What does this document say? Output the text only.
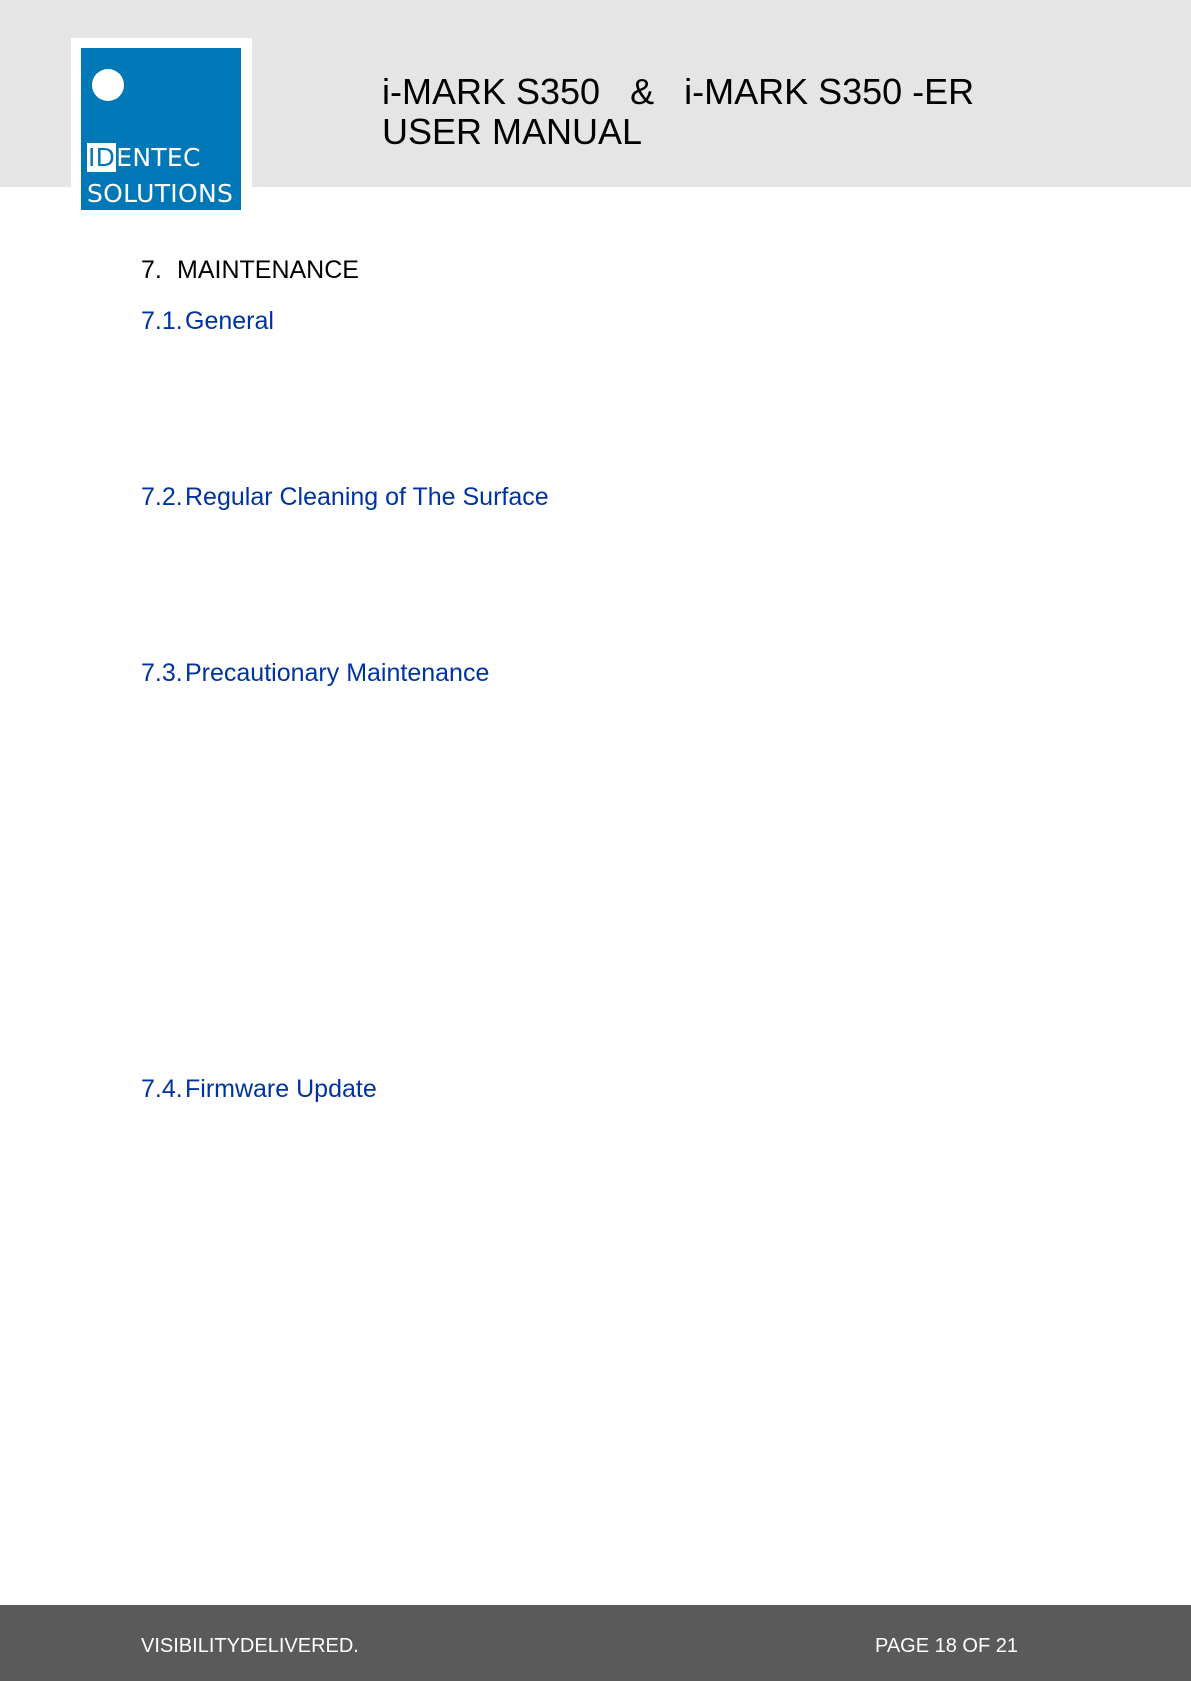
IDENTEC
SOLUTIONS
i-MARK S350   &   i-MARK S350 -ER
USER MANUAL
7. MAINTENANCE
7.1.General
7.2.Regular Cleaning of The Surface
7.3.Precautionary Maintenance
7.4.Firmware Update
VISIBILITYDELIVERED.	PAGE 18 OF 21
